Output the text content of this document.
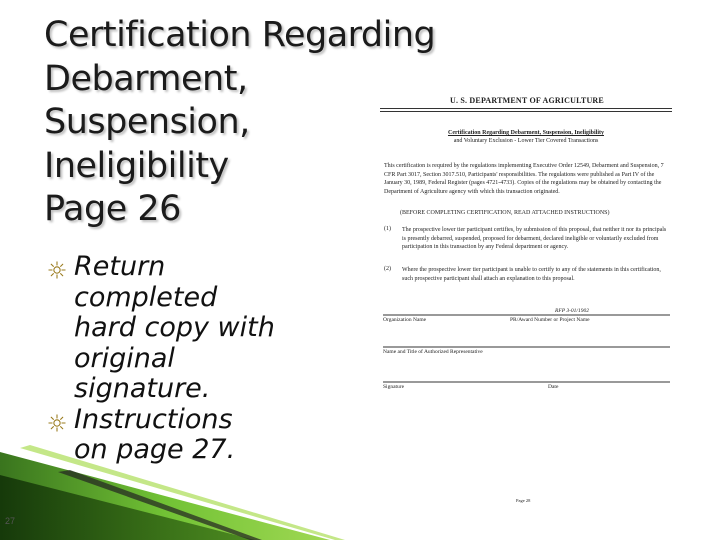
Certification Regarding
Debarment,
Suspension,
Ineligibility
Page 26
Return
completed
hard copy with
original
signature.
Instructions
on page 27.
U. S. DEPARTMENT OF AGRICULTURE
Certification Regarding Debarment, Suspension, Ineligibility
and Voluntary Exclusion - Lower Tier Covered Transactions
This certification is required by the regulations implementing Executive Order 12549, Debarment and Suspension, 7 CFR Part 3017, Section 3017.510, Participants' responsibilities. The regulations were published as Part IV of the January 30, 1989, Federal Register (pages 4721-4733). Copies of the regulations may be obtained by contacting the Department of Agriculture agency with which this transaction originated.
(BEFORE COMPLETING CERTIFICATION, READ ATTACHED INSTRUCTIONS)
(1) The prospective lower tier participant certifies, by submission of this proposal, that neither it nor its principals is presently debarred, suspended, proposed for debarment, declared ineligible or voluntarily excluded from participation in this transaction by any Federal department or agency.
(2) Where the prospective lower tier participant is unable to certify to any of the statements in this certification, such prospective participant shall attach an explanation to this proposal.
RFP 3-01/1902
Organization Name	PR/Award Number or Project Name
Name and Title of Authorized Representative
Signature	Date
Page 28
27
